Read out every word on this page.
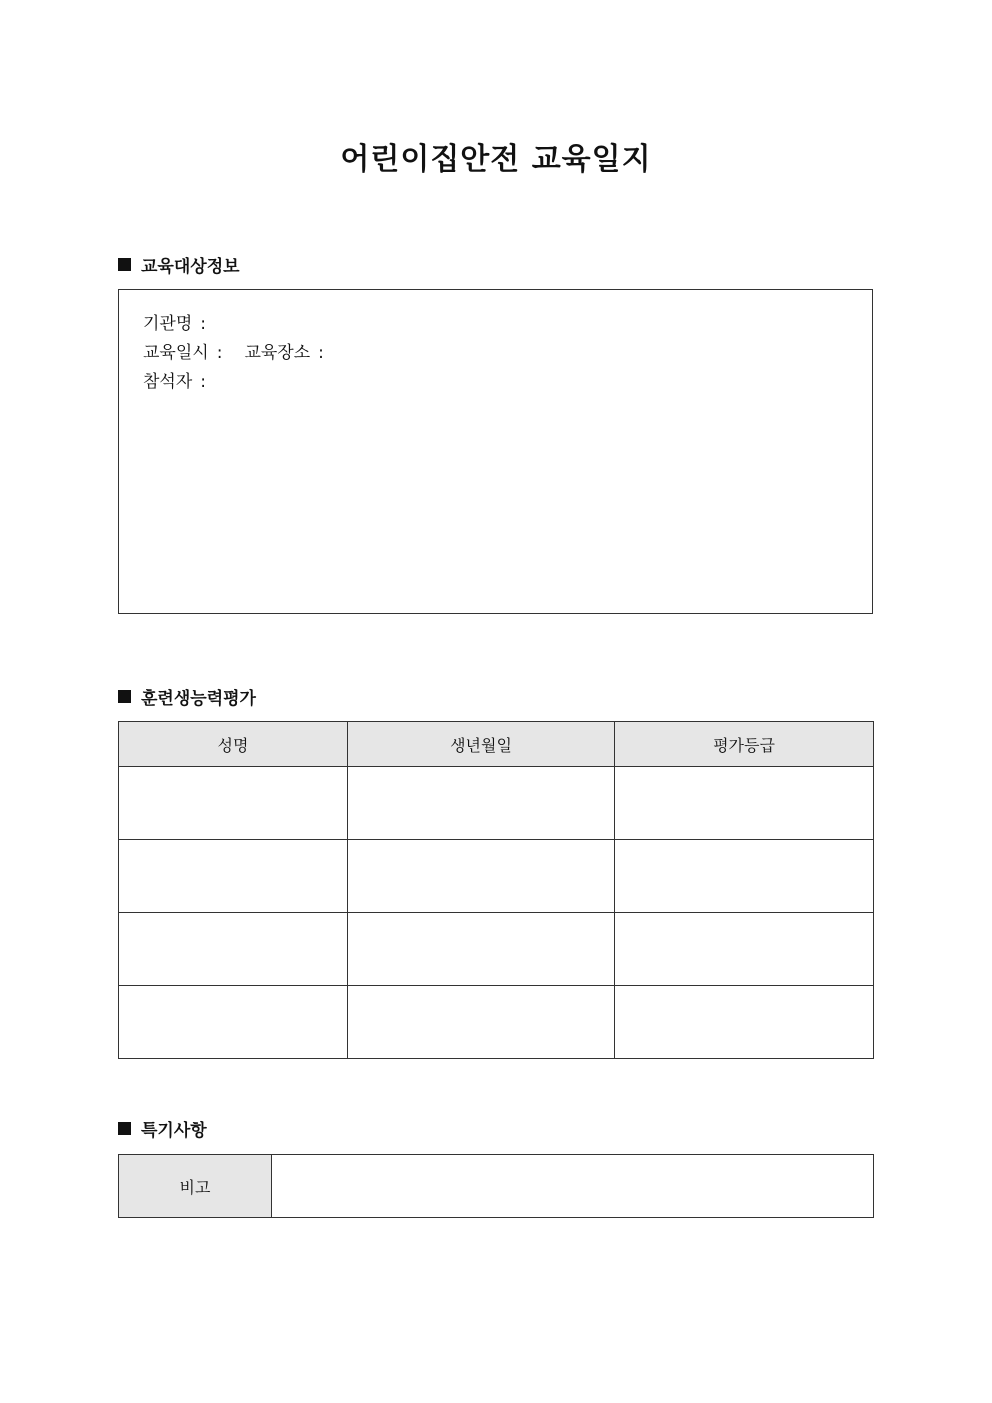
어린이집안전 교육일지
교육대상정보
기관명 :
교육일시 : 교육장소 :
참석자 :
훈련생능력평가
성명	생년월일	평가등급

특기사항
비고	
